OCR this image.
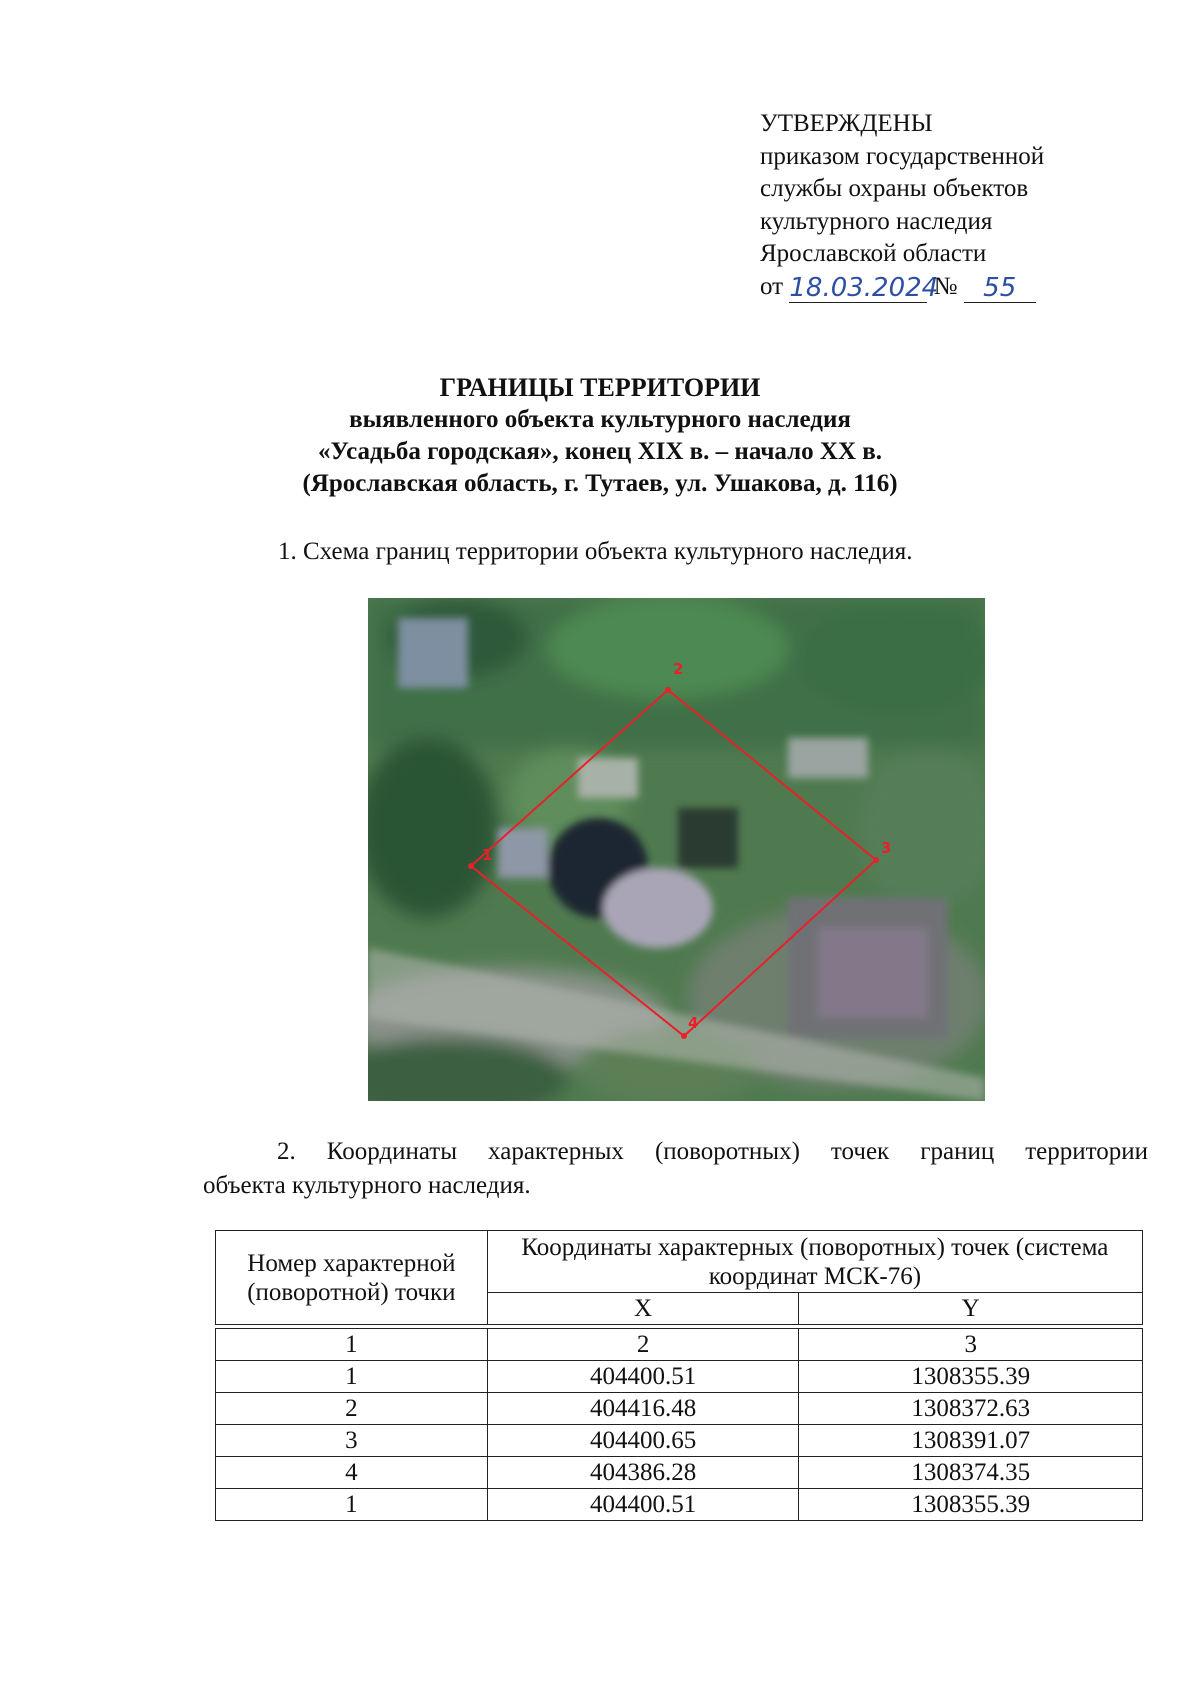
УТВЕРЖДЕНЫ
приказом государственной
службы охраны объектов
культурного наследия
Ярославской области
от 18.03.2024 № 55
ГРАНИЦЫ ТЕРРИТОРИИ
выявленного объекта культурного наследия
«Усадьба городская», конец XIX в. – начало XX в.
(Ярославская область, г. Тутаев, ул. Ушакова, д. 116)
1. Схема границ территории объекта культурного наследия.
1
2
3
4
2. Координаты характерных (поворотных) точек границ территории
объекта культурного наследия.
Номер характерной (поворотной) точки	Координаты характерных (поворотных) точек (система координат МСК-76)	
	X	Y

1	2	3
1	404400.51	1308355.39
2	404416.48	1308372.63
3	404400.65	1308391.07
4	404386.28	1308374.35
1	404400.51	1308355.39
